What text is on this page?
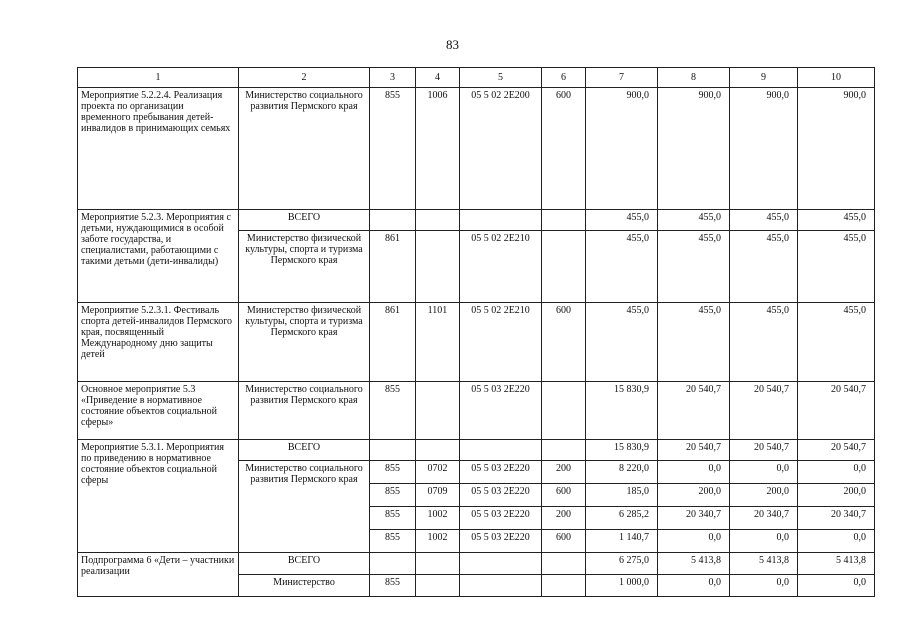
83
1	2	3	4	5	6	7	8	9	10
Мероприятие 5.2.2.4. Реализация проекта по организации временного пребывания детей-инвалидов в принимающих семьях	Министерство социального развития Пермского края	855	1006	05 5 02 2Е200	600	900,0	900,0	900,0	900,0
Мероприятие 5.2.3. Мероприятия с детьми, нуждающимися в особой заботе государства, и специалистами, работающими с такими детьми (дети-инвалиды)	ВСЕГО					455,0	455,0	455,0	455,0
	Министерство физической культуры, спорта и туризма Пермского края	861		05 5 02 2Е210		455,0	455,0	455,0	455,0
Мероприятие 5.2.3.1. Фестиваль спорта детей-инвалидов Пермского края, посвященный Международному дню защиты детей	Министерство физической культуры, спорта и туризма Пермского края	861	1101	05 5 02 2Е210	600	455,0	455,0	455,0	455,0
Основное мероприятие 5.3 «Приведение в нормативное состояние объектов социальной сферы»	Министерство социального развития Пермского края	855		05 5 03 2Е220		15 830,9	20 540,7	20 540,7	20 540,7
Мероприятие 5.3.1. Мероприятия по приведению в нормативное состояние объектов социальной сферы	ВСЕГО					15 830,9	20 540,7	20 540,7	20 540,7
	Министерство социального развития Пермского края	855	0702	05 5 03 2Е220	200	8 220,0	0,0	0,0	0,0
		855	0709	05 5 03 2Е220	600	185,0	200,0	200,0	200,0
		855	1002	05 5 03 2Е220	200	6 285,2	20 340,7	20 340,7	20 340,7
		855	1002	05 5 03 2Е220	600	1 140,7	0,0	0,0	0,0
Подпрограмма 6 «Дети – участники реализации	ВСЕГО					6 275,0	5 413,8	5 413,8	5 413,8
	Министерство	855				1 000,0	0,0	0,0	0,0
